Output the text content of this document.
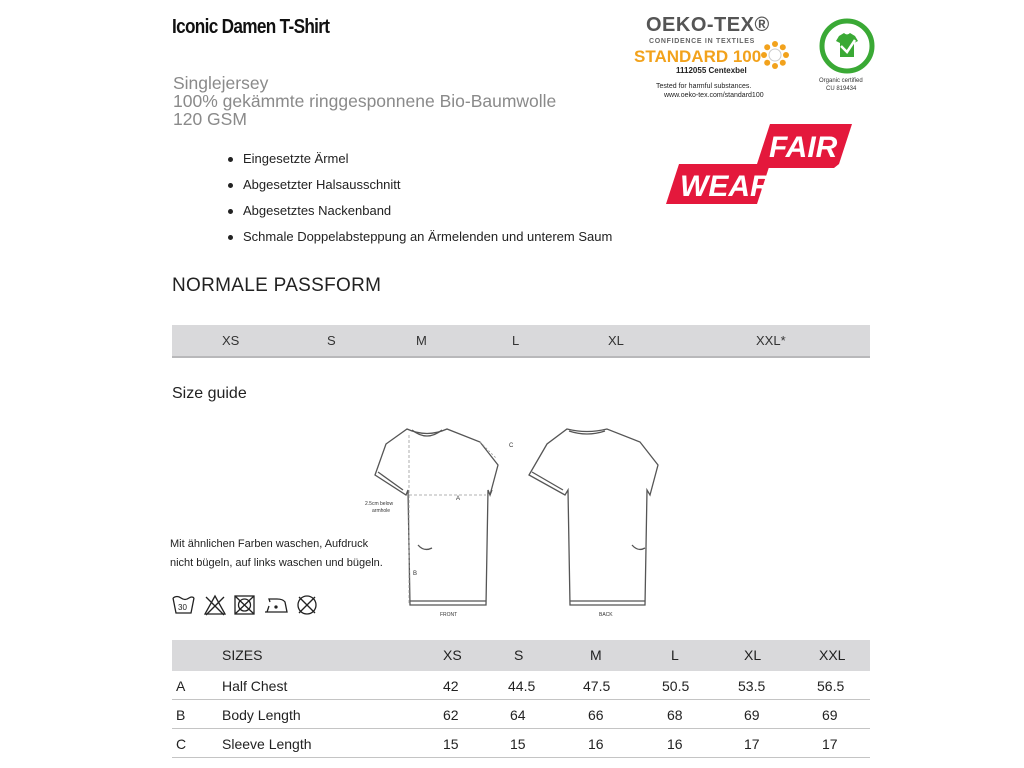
Iconic Damen T-Shirt
Singlejersey
100% gekämmte ringgesponnene Bio-Baumwolle
120 GSM
Eingesetzte Ärmel
Abgesetzter Halsausschnitt
Abgesetztes Nackenband
Schmale Doppelabsteppung an Ärmelenden und unterem Saum
OEKO-TEX®
CONFIDENCE IN TEXTILES
STANDARD 100
1112055 Centexbel
Tested for harmful substances.
www.oeko-tex.com/standard100
Organic certified
CU 819434
FAIR
WEAR
NORMALE PASSFORM
XS	S	M	L	XL	XXL*
Size guide
A
B
C
2.5cm below
armhole
FRONT	BACK
Mit ähnlichen Farben waschen, Aufdruck nicht bügeln, auf links waschen und bügeln.
30
SIZES	XS	S	M	L	XL	XXL
A	Half Chest	42	44.5	47.5	50.5	53.5	56.5
B	Body Length	62	64	66	68	69	69
C	Sleeve Length	15	15	16	16	17	17
